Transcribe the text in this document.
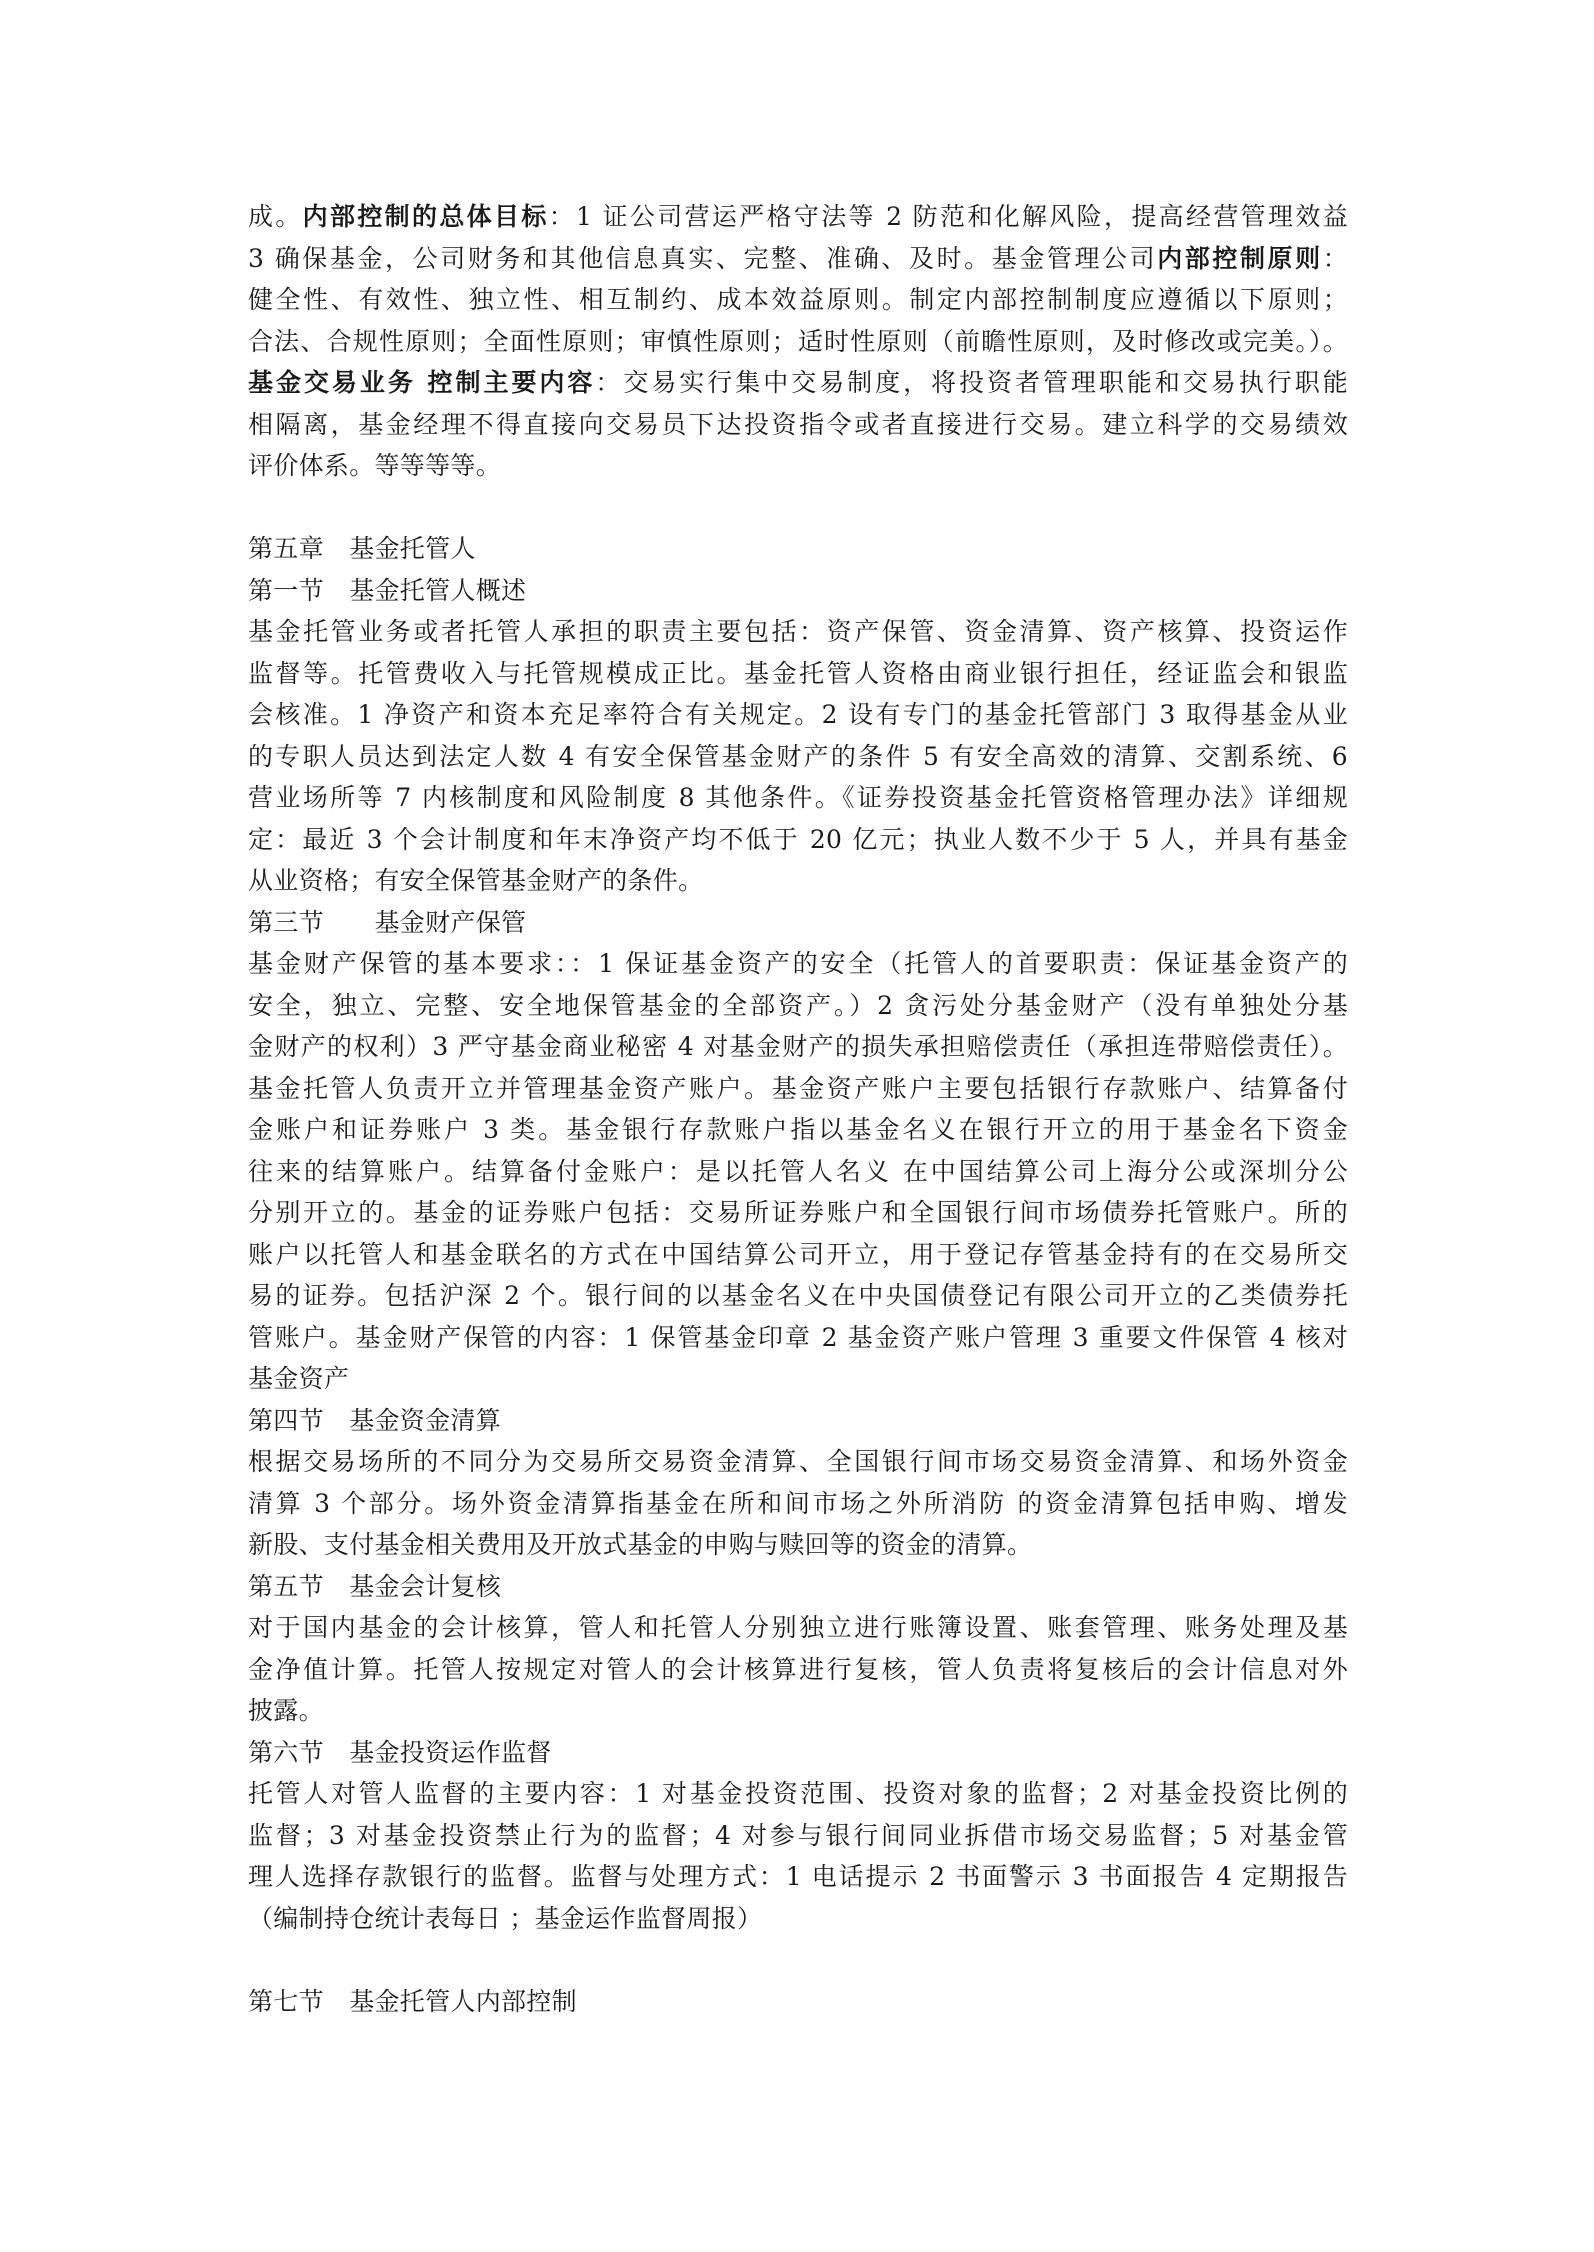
成。内部控制的总体目标：1 证公司营运严格守法等 2 防范和化解风险，提高经营管理效益
3 确保基金，公司财务和其他信息真实、完整、准确、及时。基金管理公司内部控制原则：
健全性、有效性、独立性、相互制约、成本效益原则。制定内部控制制度应遵循以下原则；
合法、合规性原则；全面性原则；审慎性原则；适时性原则（前瞻性原则，及时修改或完美。）。
基金交易业务 控制主要内容：交易实行集中交易制度，将投资者管理职能和交易执行职能
相隔离，基金经理不得直接向交易员下达投资指令或者直接进行交易。建立科学的交易绩效
评价体系。等等等等。
第五章　基金托管人
第一节　基金托管人概述
基金托管业务或者托管人承担的职责主要包括：资产保管、资金清算、资产核算、投资运作
监督等。托管费收入与托管规模成正比。基金托管人资格由商业银行担任，经证监会和银监
会核准。1 净资产和资本充足率符合有关规定。2 设有专门的基金托管部门 3 取得基金从业
的专职人员达到法定人数 4 有安全保管基金财产的条件 5 有安全高效的清算、交割系统、6
营业场所等 7 内核制度和风险制度 8 其他条件。《证券投资基金托管资格管理办法》详细规
定：最近 3 个会计制度和年末净资产均不低于 20 亿元；执业人数不少于 5 人，并具有基金
从业资格；有安全保管基金财产的条件。
第三节　　基金财产保管
基金财产保管的基本要求：：1 保证基金资产的安全（托管人的首要职责：保证基金资产的
安全，独立、完整、安全地保管基金的全部资产。）2 贪污处分基金财产（没有单独处分基
金财产的权利）3 严守基金商业秘密 4 对基金财产的损失承担赔偿责任（承担连带赔偿责任）。
基金托管人负责开立并管理基金资产账户。基金资产账户主要包括银行存款账户、结算备付
金账户和证券账户 3 类。基金银行存款账户指以基金名义在银行开立的用于基金名下资金
往来的结算账户。结算备付金账户：是以托管人名义 在中国结算公司上海分公或深圳分公
分别开立的。基金的证券账户包括：交易所证券账户和全国银行间市场债券托管账户。所的
账户以托管人和基金联名的方式在中国结算公司开立，用于登记存管基金持有的在交易所交
易的证券。包括沪深 2 个。银行间的以基金名义在中央国债登记有限公司开立的乙类债券托
管账户。基金财产保管的内容：1 保管基金印章 2 基金资产账户管理 3 重要文件保管 4 核对
基金资产
第四节　基金资金清算
根据交易场所的不同分为交易所交易资金清算、全国银行间市场交易资金清算、和场外资金
清算 3 个部分。场外资金清算指基金在所和间市场之外所消防 的资金清算包括申购、增发
新股、支付基金相关费用及开放式基金的申购与赎回等的资金的清算。
第五节　基金会计复核
对于国内基金的会计核算，管人和托管人分别独立进行账簿设置、账套管理、账务处理及基
金净值计算。托管人按规定对管人的会计核算进行复核，管人负责将复核后的会计信息对外
披露。
第六节　基金投资运作监督
托管人对管人监督的主要内容：1 对基金投资范围、投资对象的监督；2 对基金投资比例的
监督；3 对基金投资禁止行为的监督；4 对参与银行间同业拆借市场交易监督；5 对基金管
理人选择存款银行的监督。监督与处理方式：1 电话提示 2 书面警示 3 书面报告 4 定期报告
（编制持仓统计表每日 ；基金运作监督周报）
第七节　基金托管人内部控制
